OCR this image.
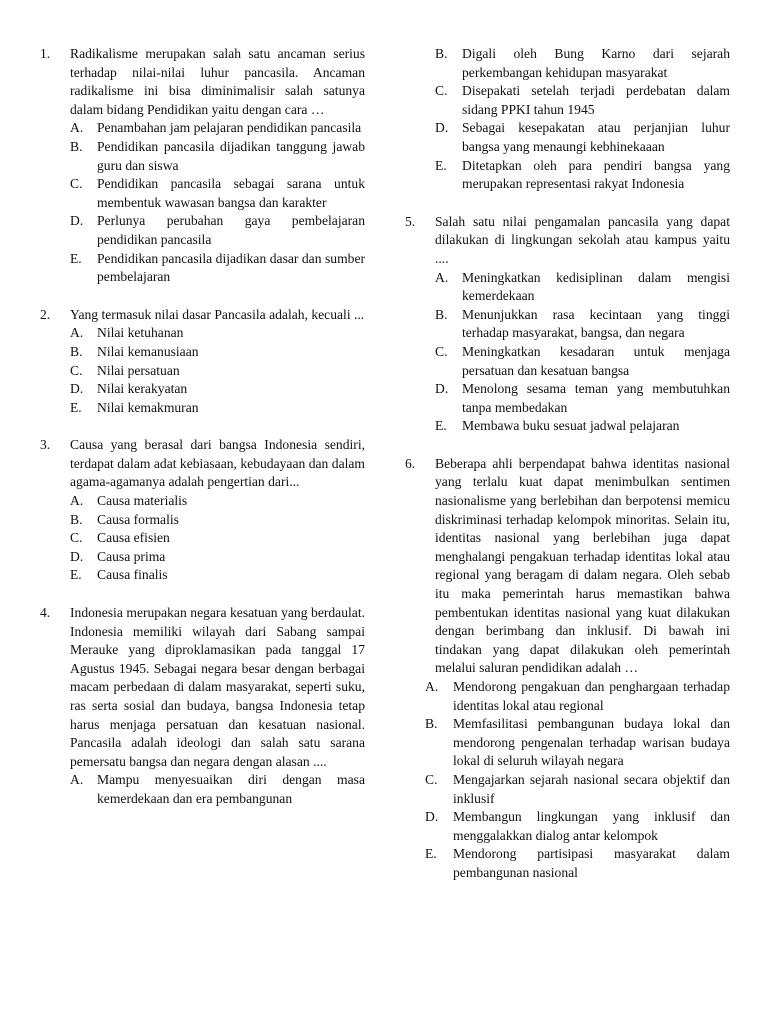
1.	Radikalisme merupakan salah satu ancaman serius terhadap nilai-nilai luhur pancasila. Ancaman radikalisme ini bisa diminimalisir salah satunya dalam bidang Pendidikan yaitu dengan cara …
A.	Penambahan jam pelajaran pendidikan pancasila
B.	Pendidikan pancasila dijadikan tanggung jawab guru dan siswa
C.	Pendidikan pancasila sebagai sarana untuk membentuk wawasan bangsa dan karakter
D.	Perlunya perubahan gaya pembelajaran pendidikan pancasila
E.	Pendidikan pancasila dijadikan dasar dan sumber pembelajaran
2.	Yang termasuk nilai dasar Pancasila adalah, kecuali ...
A.	Nilai ketuhanan
B.	Nilai kemanusiaan
C.	Nilai persatuan
D.	Nilai kerakyatan
E.	Nilai kemakmuran
3.	Causa yang berasal dari bangsa Indonesia sendiri, terdapat dalam adat kebiasaan, kebudayaan dan dalam agama-agamanya adalah pengertian dari...
A.	Causa materialis
B.	Causa formalis
C.	Causa efisien
D.	Causa prima
E.	Causa finalis
4.	Indonesia merupakan negara kesatuan yang berdaulat. Indonesia memiliki wilayah dari Sabang sampai Merauke yang diproklamasikan pada tanggal 17 Agustus 1945. Sebagai negara besar dengan berbagai macam perbedaan di dalam masyarakat, seperti suku, ras serta sosial dan budaya, bangsa Indonesia tetap harus menjaga persatuan dan kesatuan nasional. Pancasila adalah ideologi dan salah satu sarana pemersatu bangsa dan negara dengan alasan ....
A.	Mampu menyesuaikan diri dengan masa kemerdekaan dan era pembangunan
B.	Digali oleh Bung Karno dari sejarah perkembangan kehidupan masyarakat
C.	Disepakati setelah terjadi perdebatan dalam sidang PPKI tahun 1945
D.	Sebagai kesepakatan atau perjanjian luhur bangsa yang menaungi kebhinekaaan
E.	Ditetapkan oleh para pendiri bangsa yang merupakan representasi rakyat Indonesia
5.	Salah satu nilai pengamalan pancasila yang dapat dilakukan di lingkungan sekolah atau kampus yaitu ....
A.	Meningkatkan kedisiplinan dalam mengisi kemerdekaan
B.	Menunjukkan rasa kecintaan yang tinggi terhadap masyarakat, bangsa, dan negara
C.	Meningkatkan kesadaran untuk menjaga persatuan dan kesatuan bangsa
D.	Menolong sesama teman yang membutuhkan tanpa membedakan
E.	Membawa buku sesuat jadwal pelajaran
6.	Beberapa ahli berpendapat bahwa identitas nasional yang terlalu kuat dapat menimbulkan sentimen nasionalisme yang berlebihan dan berpotensi memicu diskriminasi terhadap kelompok minoritas. Selain itu, identitas nasional yang berlebihan juga dapat menghalangi pengakuan terhadap identitas lokal atau regional yang beragam di dalam negara. Oleh sebab itu maka pemerintah harus memastikan bahwa pembentukan identitas nasional yang kuat dilakukan dengan berimbang dan inklusif. Di bawah ini tindakan yang dapat dilakukan oleh pemerintah melalui saluran pendidikan adalah …
A.	Mendorong pengakuan dan penghargaan terhadap identitas lokal atau regional
B.	Memfasilitasi pembangunan budaya lokal dan mendorong pengenalan terhadap warisan budaya lokal di seluruh wilayah negara
C.	Mengajarkan sejarah nasional secara objektif dan inklusif
D.	Membangun lingkungan yang inklusif dan menggalakkan dialog antar kelompok
E.	Mendorong partisipasi masyarakat dalam pembangunan nasional
